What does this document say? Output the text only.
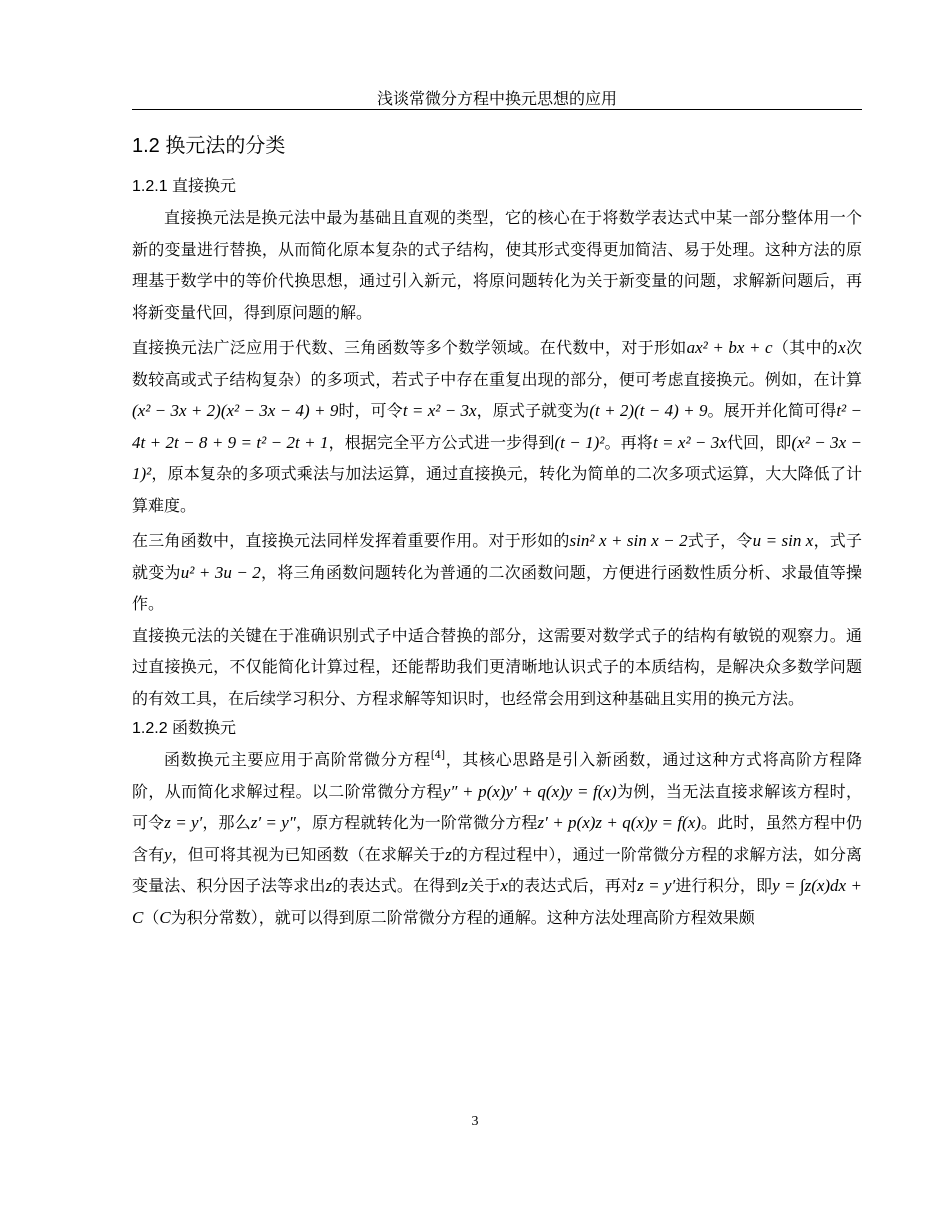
浅谈常微分方程中换元思想的应用
1.2 换元法的分类
1.2.1 直接换元

直接换元法是换元法中最为基础且直观的类型，它的核心在于将数学表达式中某一部分整体用一个新的变量进行替换，从而简化原本复杂的式子结构，使其形式变得更加简洁、易于处理。这种方法的原理基于数学中的等价代换思想，通过引入新元，将原问题转化为关于新变量的问题，求解新问题后，再将新变量代回，得到原问题的解。

直接换元法广泛应用于代数、三角函数等多个数学领域。在代数中，对于形如ax² + bx + c（其中的x次数较高或式子结构复杂）的多项式，若式子中存在重复出现的部分，便可考虑直接换元。例如，在计算(x² − 3x + 2)(x² − 3x − 4) + 9时，可令t = x² − 3x，原式子就变为(t + 2)(t − 4) + 9。展开并化简可得t² − 4t + 2t − 8 + 9 = t² − 2t + 1，根据完全平方公式进一步得到(t − 1)²。再将t = x² − 3x代回，即(x² − 3x − 1)²，原本复杂的多项式乘法与加法运算，通过直接换元，转化为简单的二次多项式运算，大大降低了计算难度。

在三角函数中，直接换元法同样发挥着重要作用。对于形如的sin² x + sin x − 2式子，令u = sin x，式子就变为u² + 3u − 2，将三角函数问题转化为普通的二次函数问题，方便进行函数性质分析、求最值等操作。

直接换元法的关键在于准确识别式子中适合替换的部分，这需要对数学式子的结构有敏锐的观察力。通过直接换元，不仅能简化计算过程，还能帮助我们更清晰地认识式子的本质结构，是解决众多数学问题的有效工具，在后续学习积分、方程求解等知识时，也经常会用到这种基础且实用的换元方法。

1.2.2 函数换元

函数换元主要应用于高阶常微分方程[4]，其核心思路是引入新函数，通过这种方式将高阶方程降阶，从而简化求解过程。以二阶常微分方程y″ + p(x)y′ + q(x)y = f(x)为例，当无法直接求解该方程时，可令z = y′，那么z′ = y″，原方程就转化为一阶常微分方程z′ + p(x)z + q(x)y = f(x)。此时，虽然方程中仍含有y，但可将其视为已知函数（在求解关于z的方程过程中），通过一阶常微分方程的求解方法，如分离变量法、积分因子法等求出z的表达式。在得到z关于x的表达式后，再对z = y′进行积分，即y = ∫z(x)dx + C（C为积分常数），就可以得到原二阶常微分方程的通解。这种方法处理高阶方程效果颇

3
